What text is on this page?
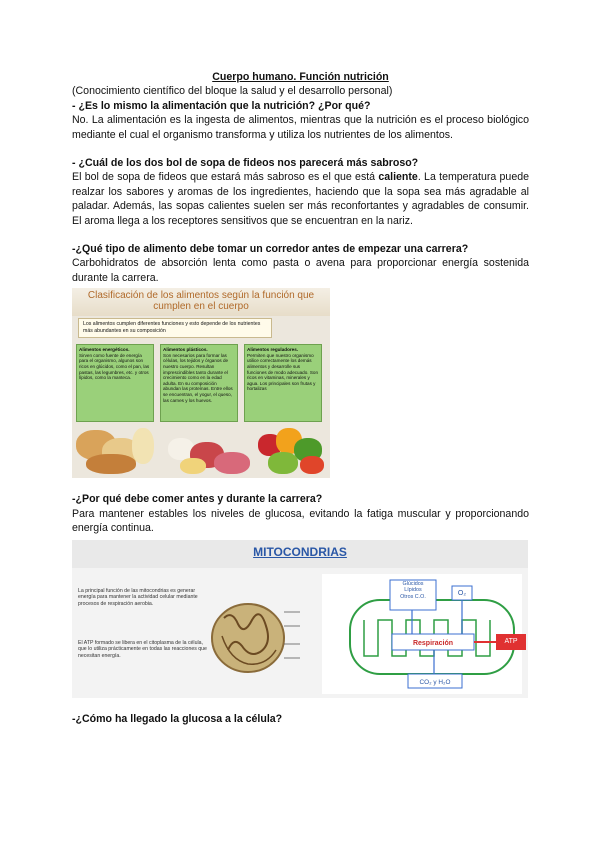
Cuerpo humano. Función nutrición
(Conocimiento científico del bloque la salud y el desarrollo personal)
- ¿Es lo mismo la alimentación que la nutrición? ¿Por qué?
No. La alimentación es la ingesta de alimentos, mientras que la nutrición es el proceso biológico mediante el cual el organismo transforma y utiliza los nutrientes de los alimentos.
- ¿Cuál de los dos bol de sopa de fideos nos parecerá más sabroso?
El bol de sopa de fideos que estará más sabroso es el que está caliente. La temperatura puede realzar los sabores y aromas de los ingredientes, haciendo que la sopa sea más agradable al paladar. Además, las sopas calientes suelen ser más reconfortantes y agradables de consumir. El aroma llega a los receptores sensitivos que se encuentran en la nariz.
-¿Qué tipo de alimento debe tomar un corredor antes de empezar una carrera?
Carbohidratos de absorción lenta como pasta o avena para proporcionar energía sostenida durante la carrera.
Clasificación de los alimentos según la función que cumplen en el cuerpo
Los alimentos cumplen diferentes funciones y esto depende de los nutrientes más abundantes en su composición
Alimentos energéticos.
Sirven como fuente de energía para el organismo, algunos son ricos en glúcidos, como el pan, las pastas, las legumbres, etc. y otros lípidos, como la manteca.
Alimentos plásticos.
Son necesarios para formar las células, los tejidos y órganos de nuestro cuerpo. Resultan imprescindibles tanto durante el crecimiento como en la edad adulta. En su composición abundan las proteínas. Entre ellos se encuentran, el yogur, el queso, las carnes y los huevos.
Alimentos reguladores.
Permiten que nuestro organismo utilice correctamente los demás alimentos y desarrolle sus funciones de modo adecuado. Son ricos en vitaminas, minerales y agua. Los principales son frutas y hortalizas
-¿Por qué debe comer antes y durante la carrera?
Para mantener estables los niveles de glucosa, evitando la fatiga muscular y proporcionando energía continua.
MITOCONDRIAS
La principal función de las mitocondrias es generar energía para mantener la actividad celular mediante procesos de respiración aerobia.
El ATP formado se libera en el citoplasma de la célula, que lo utiliza prácticamente en todas las reacciones que necesitan energía.
Glúcidos
Lípidos
Otros C.O.
O₂
Respiración	ATP
CO₂ y H₂O
-¿Cómo ha llegado la glucosa a la célula?
